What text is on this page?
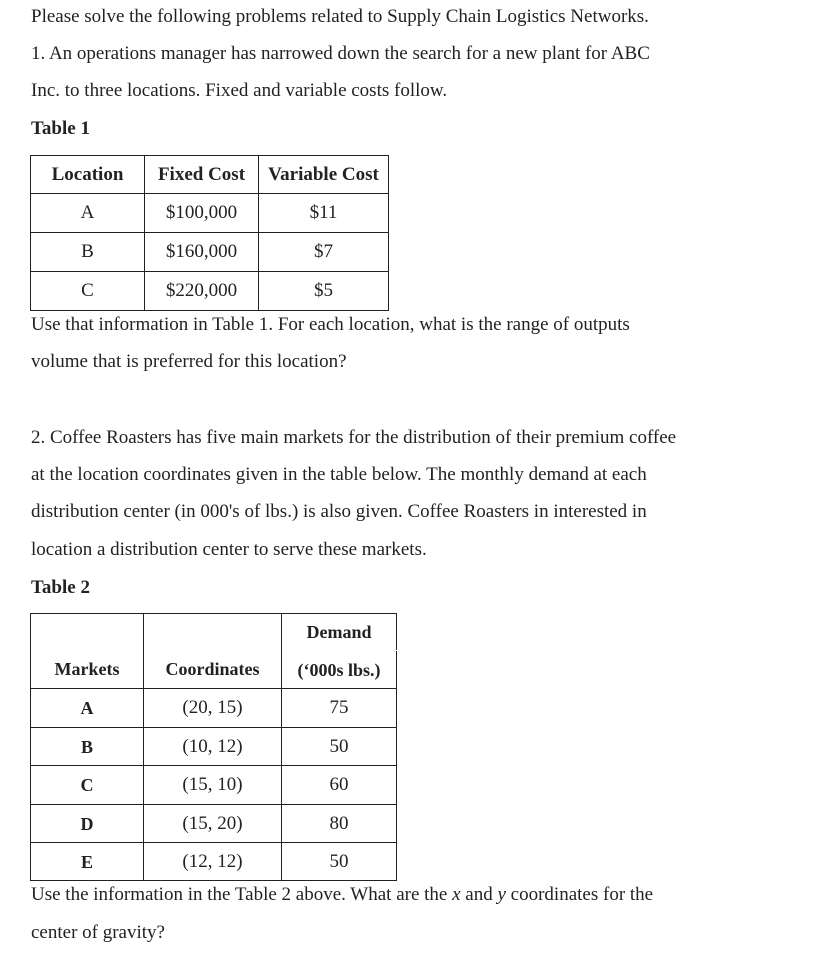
Please solve the following problems related to Supply Chain Logistics Networks.
1. An operations manager has narrowed down the search for a new plant for ABC
Inc. to three locations. Fixed and variable costs follow.
Table 1
Location	Fixed Cost	Variable Cost
A	$100,000	$11
B	$160,000	$7
C	$220,000	$5
Use that information in Table 1. For each location, what is the range of outputs
volume that is preferred for this location?
2. Coffee Roasters has five main markets for the distribution of their premium coffee
at the location coordinates given in the table below. The monthly demand at each
distribution center (in 000's of lbs.) is also given. Coffee Roasters in interested in
location a distribution center to serve these markets.
Table 2
Markets	Coordinates	Demand
		(‘000s lbs.)
A	(20, 15)	75
B	(10, 12)	50
C	(15, 10)	60
D	(15, 20)	80
E	(12, 12)	50
Use the information in the Table 2 above. What are the x and y coordinates for the
center of gravity?
